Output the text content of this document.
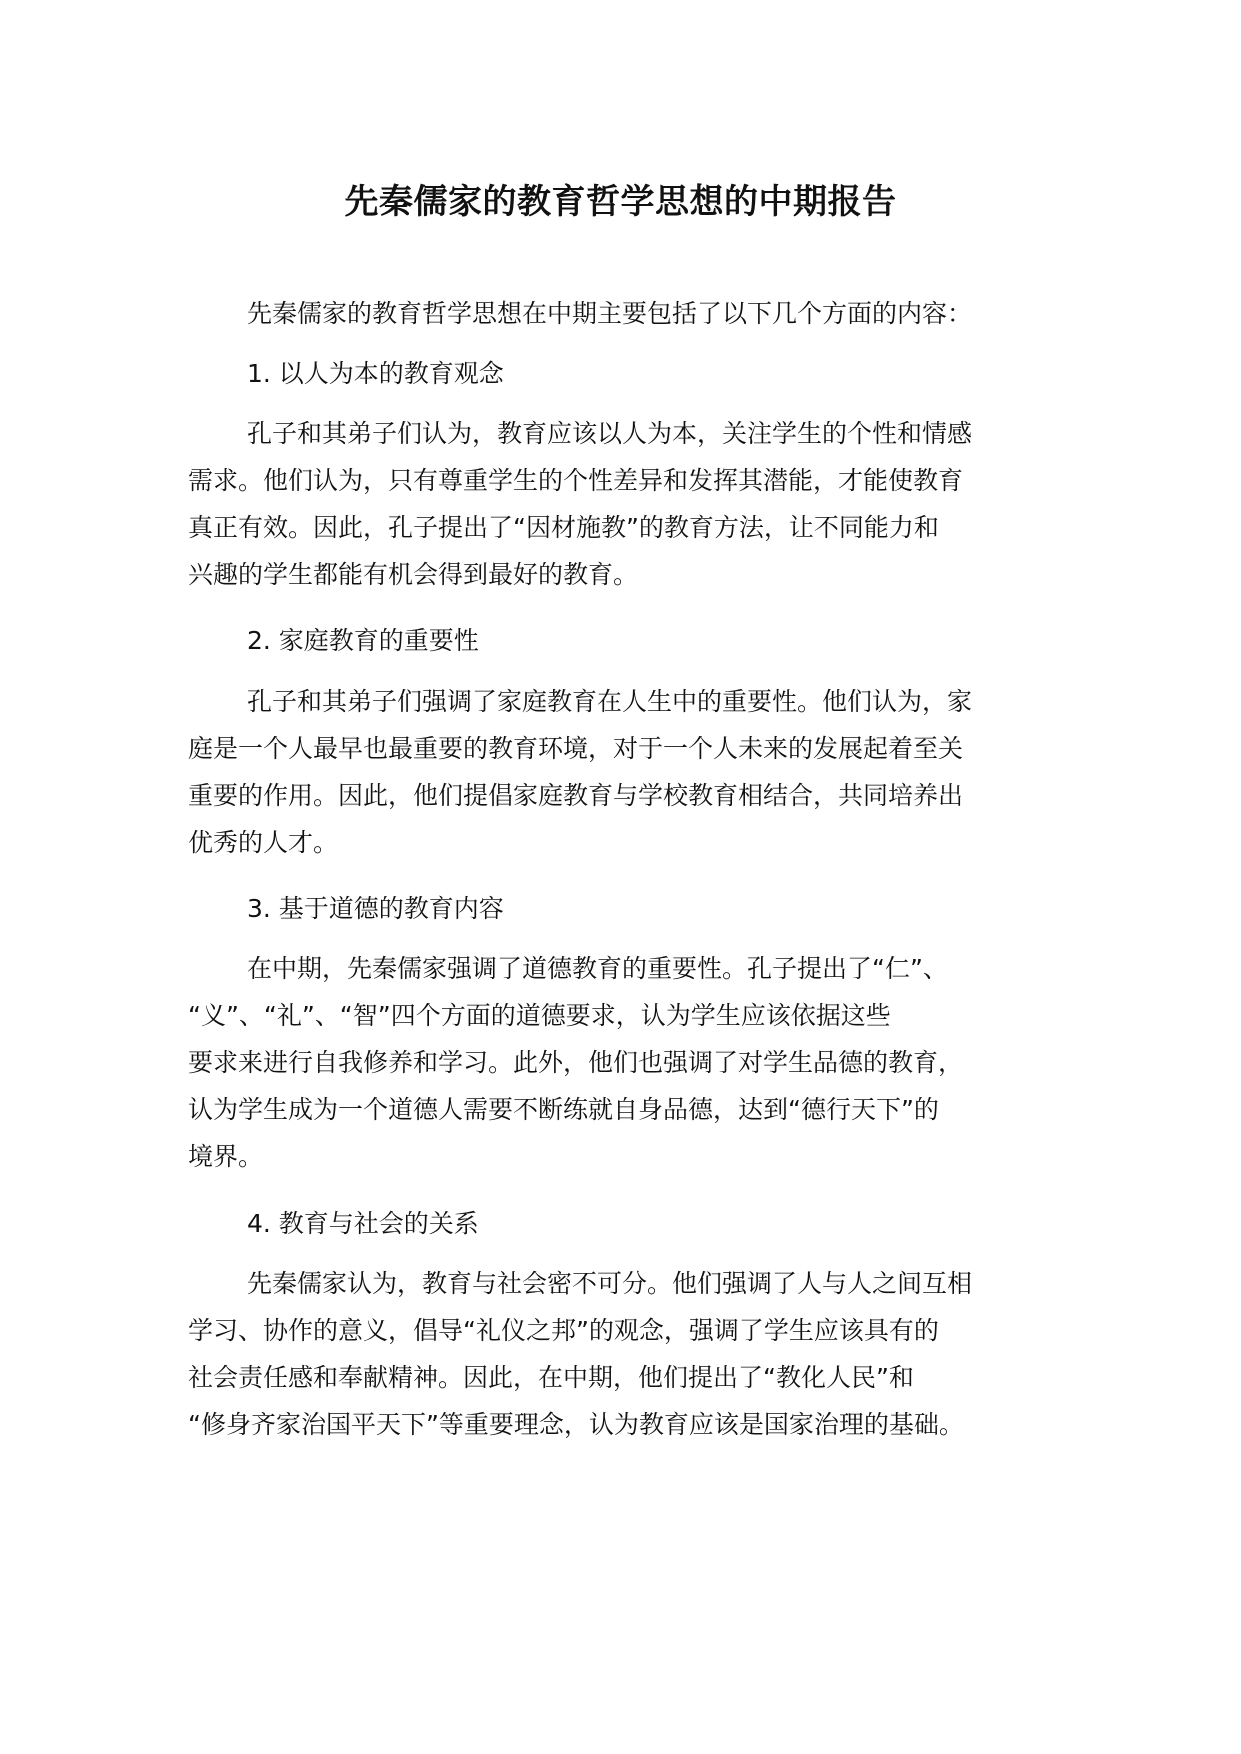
先秦儒家的教育哲学思想的中期报告
先秦儒家的教育哲学思想在中期主要包括了以下几个方面的内容：
1. 以人为本的教育观念
孔子和其弟子们认为，教育应该以人为本，关注学生的个性和情感
需求。他们认为，只有尊重学生的个性差异和发挥其潜能，才能使教育
真正有效。因此，孔子提出了“因材施教”的教育方法，让不同能力和
兴趣的学生都能有机会得到最好的教育。
2. 家庭教育的重要性
孔子和其弟子们强调了家庭教育在人生中的重要性。他们认为，家
庭是一个人最早也最重要的教育环境，对于一个人未来的发展起着至关
重要的作用。因此，他们提倡家庭教育与学校教育相结合，共同培养出
优秀的人才。
3. 基于道德的教育内容
在中期，先秦儒家强调了道德教育的重要性。孔子提出了“仁”、
“义”、“礼”、“智”四个方面的道德要求，认为学生应该依据这些
要求来进行自我修养和学习。此外，他们也强调了对学生品德的教育，
认为学生成为一个道德人需要不断练就自身品德，达到“德行天下”的
境界。
4. 教育与社会的关系
先秦儒家认为，教育与社会密不可分。他们强调了人与人之间互相
学习、协作的意义，倡导“礼仪之邦”的观念，强调了学生应该具有的
社会责任感和奉献精神。因此，在中期，他们提出了“教化人民”和
“修身齐家治国平天下”等重要理念，认为教育应该是国家治理的基础。
